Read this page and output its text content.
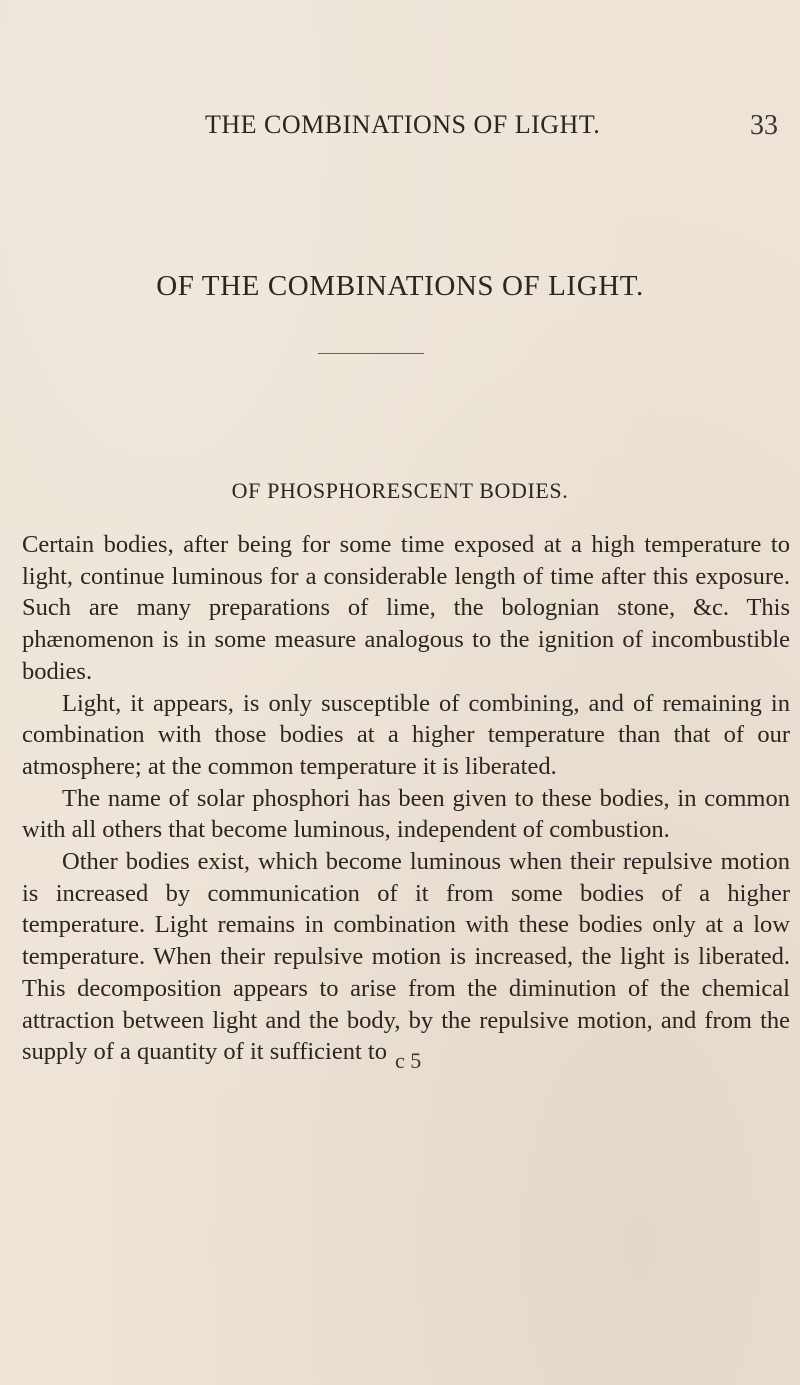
THE COMBINATIONS OF LIGHT.	33
OF THE COMBINATIONS OF LIGHT.
OF PHOSPHORESCENT BODIES.

Certain bodies, after being for some time exposed at a high temperature to light, continue luminous for a considerable length of time after this exposure. Such are many preparations of lime, the bolognian stone, &c. This phænomenon is in some measure analogous to the ignition of incombustible bodies.

Light, it appears, is only susceptible of combining, and of remaining in combination with those bodies at a higher temperature than that of our atmosphere; at the common temperature it is liberated.

The name of solar phosphori has been given to these bodies, in common with all others that become luminous, independent of combustion.

Other bodies exist, which become luminous when their repulsive motion is increased by communication of it from some bodies of a higher temperature. Light remains in combination with these bodies only at a low temperature. When their repulsive motion is increased, the light is liberated. This decomposition appears to arise from the diminution of the chemical attraction between light and the body, by the repulsive motion, and from the supply of a quantity of it sufficient to c 5
